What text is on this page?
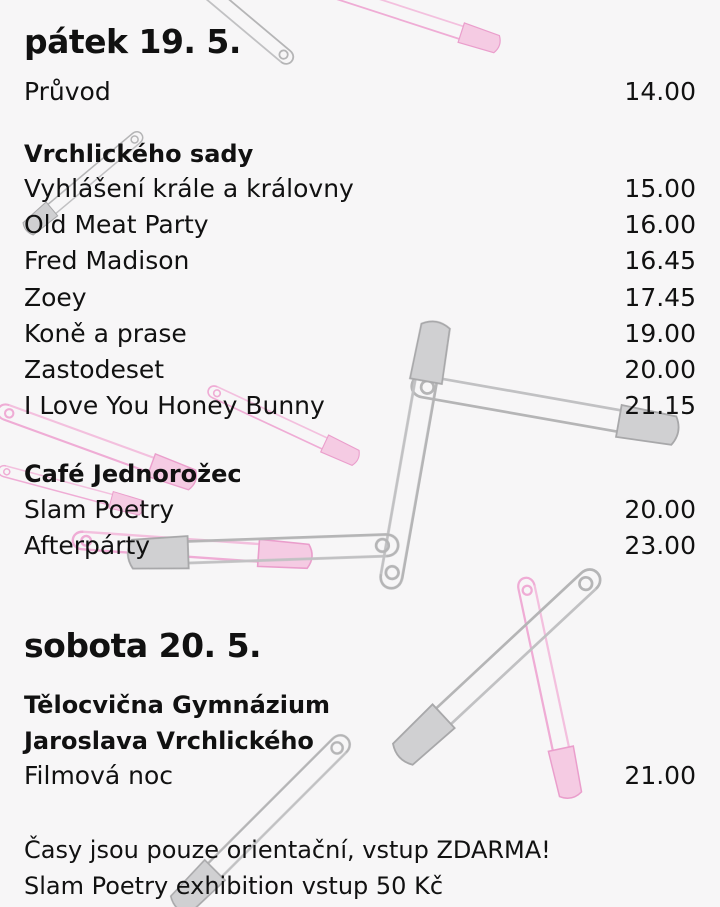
pátek 19. 5.
Průvod	14.00
Vrchlického sady
Vyhlášení krále a královny	15.00
Old Meat Party	16.00
Fred Madison	16.45
Zoey	17.45
Koně a prase	19.00
Zastodeset	20.00
I Love You Honey Bunny	21.15
Café Jednorožec
Slam Poetry	20.00
Afterpárty	23.00
sobota 20. 5.
Tělocvična Gymnázium
Jaroslava Vrchlického
Filmová noc	21.00
Časy jsou pouze orientační, vstup ZDARMA!
Slam Poetry exhibition vstup 50 Kč
